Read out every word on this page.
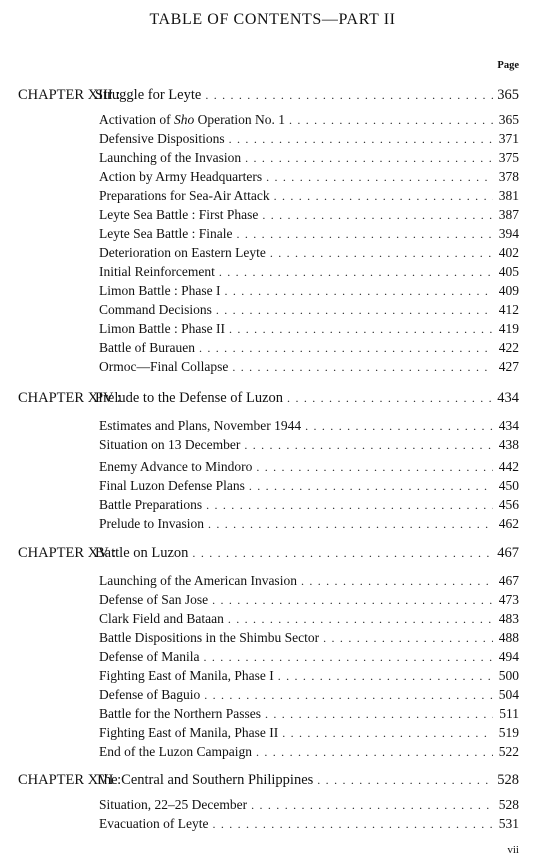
TABLE OF CONTENTS—PART II
Page
CHAPTER XIII :
Struggle for Leyte . . .	365
Activation of Sho Operation No. 1 . . .	365
Defensive Dispositions . . .	371
Launching of the Invasion . . .	375
Action by Army Headquarters . . .	378
Preparations for Sea-Air Attack . . .	381
Leyte Sea Battle : First Phase . . .	387
Leyte Sea Battle : Finale . . .	394
Deterioration on Eastern Leyte . . .	402
Initial Reinforcement . . .	405
Limon Battle : Phase I . . .	409
Command Decisions . . .	412
Limon Battle : Phase II . . .	419
Battle of Burauen . . .	422
Ormoc—Final Collapse . . .	427
CHAPTER XIV :
Prelude to the Defense of Luzon . . .	434
Estimates and Plans, November 1944 . . .	434
Situation on 13 December . . .	438
Enemy Advance to Mindoro . . .	442
Final Luzon Defense Plans . . .	450
Battle Preparations . . .	456
Prelude to Invasion . . .	462
CHAPTER XV :
Battle on Luzon . . .	467
Launching of the American Invasion . . .	467
Defense of San Jose . . .	473
Clark Field and Bataan . . .	483
Battle Dispositions in the Shimbu Sector . . .	488
Defense of Manila . . .	494
Fighting East of Manila, Phase I . . .	500
Defense of Baguio . . .	504
Battle for the Northern Passes . . .	511
Fighting East of Manila, Phase II . . .	519
End of the Luzon Campaign . . .	522
CHAPTER XVI :
The Central and Southern Philippines . . .	528
Situation, 22–25 December . . .	528
Evacuation of Leyte . . .	531
vii
